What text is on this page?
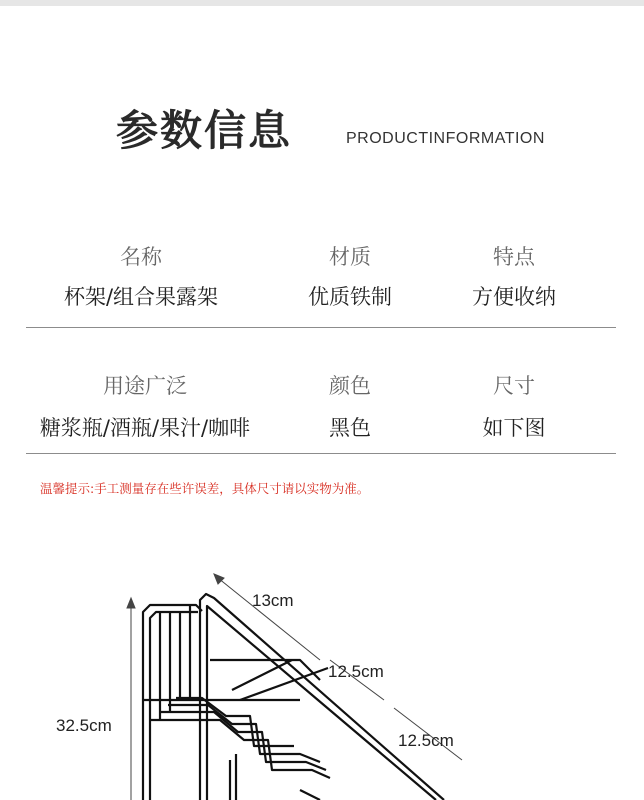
参数信息	PRODUCTINFORMATION
名称	材质	特点
杯架/组合果露架	优质铁制	方便收纳
用途广泛	颜色	尺寸
糖浆瓶/酒瓶/果汁/咖啡	黑色	如下图
温馨提示:手工测量存在些许误差，具体尺寸请以实物为准。
13cm
12.5cm
12.5cm
32.5cm
